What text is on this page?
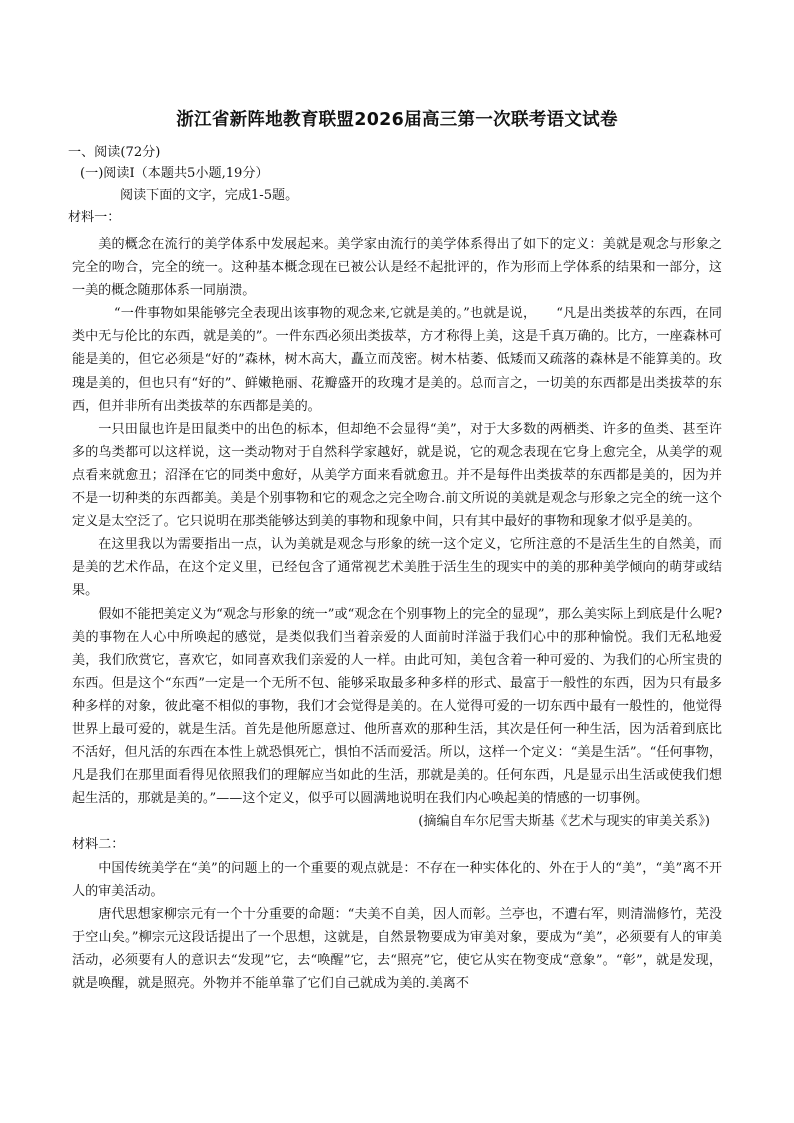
浙江省新阵地教育联盟2026届高三第一次联考语文试卷
一、阅读(72分)
(一)阅读Ⅰ（本题共5小题,19分）
阅读下面的文字，完成1-5题。
材料一：

美的概念在流行的美学体系中发展起来。美学家由流行的美学体系得出了如下的定义：美就是观念与形象之完全的吻合，完全的统一。这种基本概念现在已被公认是经不起批评的，作为形而上学体系的结果和一部分，这一美的概念随那体系一同崩溃。

“一件事物如果能够完全表现出该事物的观念来,它就是美的。”也就是说，　　“凡是出类拔萃的东西，在同类中无与伦比的东西，就是美的”。一件东西必须出类拔萃，方才称得上美，这是千真万确的。比方，一座森林可能是美的，但它必须是“好的”森林，树木高大，矗立而茂密。树木枯萎、低矮而又疏落的森林是不能算美的。玫瑰是美的，但也只有“好的”、鲜嫩艳丽、花瓣盛开的玫瑰才是美的。总而言之，一切美的东西都是出类拔萃的东西，但并非所有出类拔萃的东西都是美的。

一只田鼠也许是田鼠类中的出色的标本，但却绝不会显得“美”，对于大多数的两栖类、许多的鱼类、甚至许多的鸟类都可以这样说，这一类动物对于自然科学家越好，就是说，它的观念表现在它身上愈完全，从美学的观点看来就愈丑；沼泽在它的同类中愈好，从美学方面来看就愈丑。并不是每件出类拔萃的东西都是美的，因为并不是一切种类的东西都美。美是个别事物和它的观念之完全吻合.前文所说的美就是观念与形象之完全的统一这个定义是太空泛了。它只说明在那类能够达到美的事物和现象中间，只有其中最好的事物和现象才似乎是美的。

在这里我以为需要指出一点，认为美就是观念与形象的统一这个定义，它所注意的不是活生生的自然美，而是美的艺术作品，在这个定义里，已经包含了通常视艺术美胜于活生生的现实中的美的那种美学倾向的萌芽或结果。

假如不能把美定义为“观念与形象的统一”或“观念在个别事物上的完全的显现”，那么美实际上到底是什么呢?美的事物在人心中所唤起的感觉，是类似我们当着亲爱的人面前时洋溢于我们心中的那种愉悦。我们无私地爱美，我们欣赏它，喜欢它，如同喜欢我们亲爱的人一样。由此可知，美包含着一种可爱的、为我们的心所宝贵的东西。但是这个“东西”一定是一个无所不包、能够采取最多种多样的形式、最富于一般性的东西，因为只有最多种多样的对象，彼此毫不相似的事物，我们才会觉得是美的。在人觉得可爱的一切东西中最有一般性的，他觉得世界上最可爱的，就是生活。首先是他所愿意过、他所喜欢的那种生活，其次是任何一种生活，因为活着到底比不活好，但凡活的东西在本性上就恐惧死亡，惧怕不活而爱活。所以，这样一个定义：“美是生活”。“任何事物，凡是我们在那里面看得见依照我们的理解应当如此的生活，那就是美的。任何东西，凡是显示出生活或使我们想起生活的，那就是美的。”——这个定义，似乎可以圆满地说明在我们内心唤起美的情感的一切事例。

(摘编自车尔尼雪夫斯基《艺术与现实的审美关系》)

材料二：

中国传统美学在“美”的问题上的一个重要的观点就是：不存在一种实体化的、外在于人的“美”，“美”离不开人的审美活动。

唐代思想家柳宗元有一个十分重要的命题：“夫美不自美，因人而彰。兰亭也，不遭右军，则清湍修竹，芜没于空山矣。”柳宗元这段话提出了一个思想，这就是，自然景物要成为审美对象，要成为“美”，必须要有人的审美活动，必须要有人的意识去“发现”它，去“唤醒”它，去“照亮”它，使它从实在物变成“意象”。“彰”，就是发现，就是唤醒，就是照亮。外物并不能单靠了它们自己就成为美的.美离不
